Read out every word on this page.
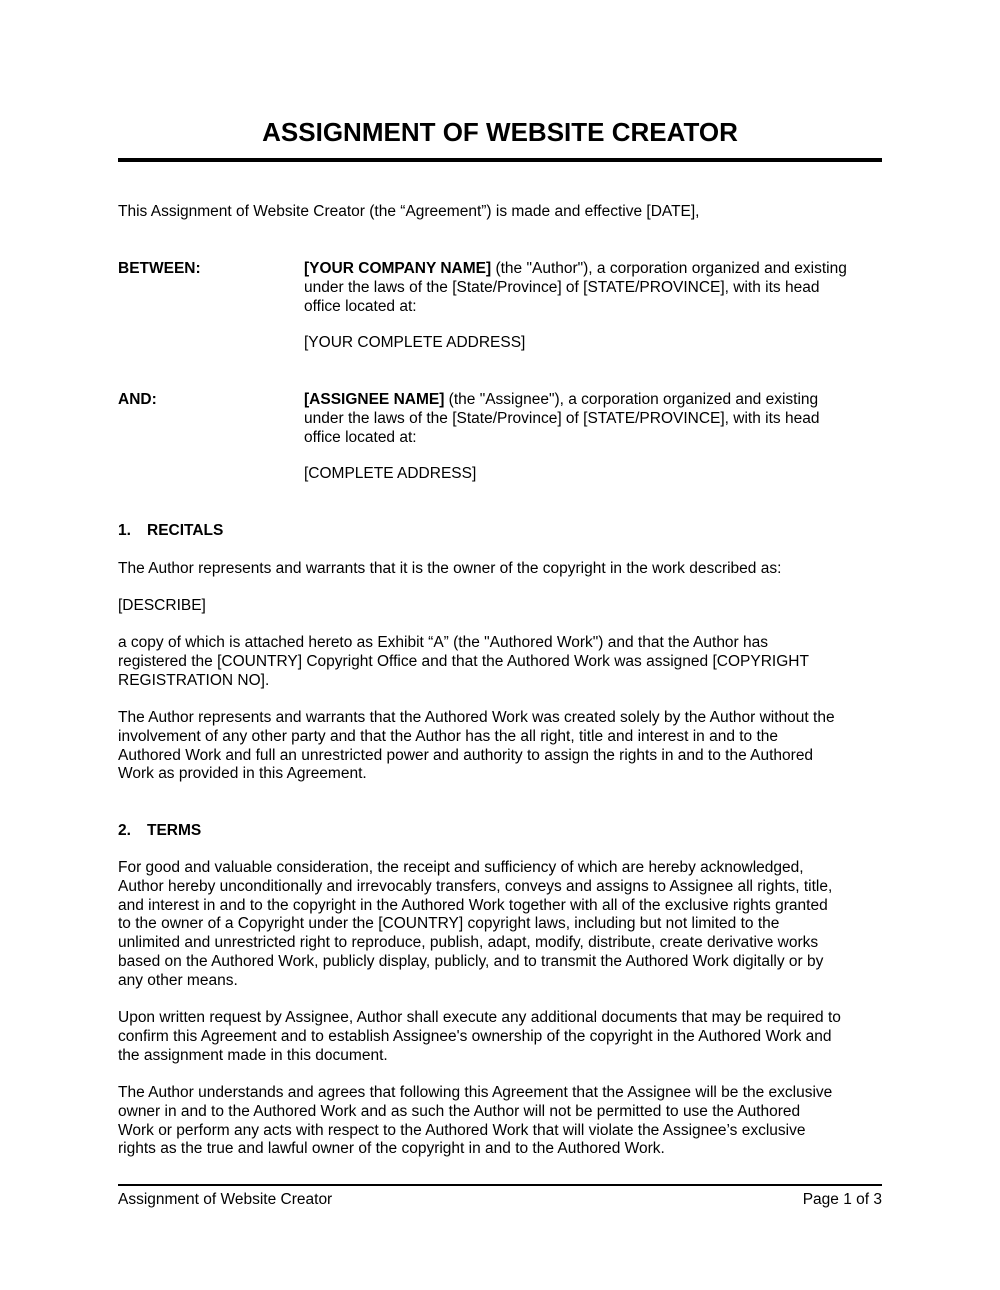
ASSIGNMENT OF WEBSITE CREATOR

This Assignment of Website Creator (the “Agreement”) is made and effective [DATE],

BETWEEN:	[YOUR COMPANY NAME] (the "Author"), a corporation organized and existing
under the laws of the [State/Province] of [STATE/PROVINCE], with its head
office located at:

[YOUR COMPLETE ADDRESS]

AND:	[ASSIGNEE NAME] (the "Assignee"), a corporation organized and existing
under the laws of the [State/Province] of [STATE/PROVINCE], with its head
office located at:

[COMPLETE ADDRESS]

1. RECITALS

The Author represents and warrants that it is the owner of the copyright in the work described as:

[DESCRIBE]

a copy of which is attached hereto as Exhibit “A” (the "Authored Work") and that the Author has
registered the [COUNTRY] Copyright Office and that the Authored Work was assigned [COPYRIGHT
REGISTRATION NO].

The Author represents and warrants that the Authored Work was created solely by the Author without the
involvement of any other party and that the Author has the all right, title and interest in and to the
Authored Work and full an unrestricted power and authority to assign the rights in and to the Authored
Work as provided in this Agreement.

2. TERMS

For good and valuable consideration, the receipt and sufficiency of which are hereby acknowledged,
Author hereby unconditionally and irrevocably transfers, conveys and assigns to Assignee all rights, title,
and interest in and to the copyright in the Authored Work together with all of the exclusive rights granted
to the owner of a Copyright under the [COUNTRY] copyright laws, including but not limited to the
unlimited and unrestricted right to reproduce, publish, adapt, modify, distribute, create derivative works
based on the Authored Work, publicly display, publicly, and to transmit the Authored Work digitally or by
any other means.

Upon written request by Assignee, Author shall execute any additional documents that may be required to
confirm this Agreement and to establish Assignee's ownership of the copyright in the Authored Work and
the assignment made in this document.

The Author understands and agrees that following this Agreement that the Assignee will be the exclusive
owner in and to the Authored Work and as such the Author will not be permitted to use the Authored
Work or perform any acts with respect to the Authored Work that will violate the Assignee’s exclusive
rights as the true and lawful owner of the copyright in and to the Authored Work.

Assignment of Website Creator	Page 1 of 3
